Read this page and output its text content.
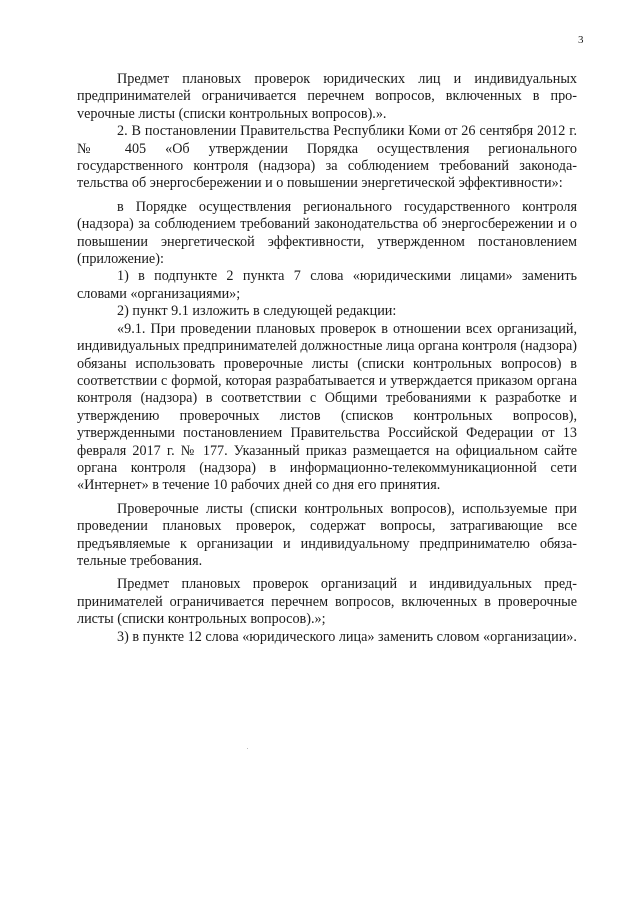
3

Предмет плановых проверок юридических лиц и индивидуальных предпринимателей ограничивается перечнем вопросов, включенных в проvерочные листы (списки контрольных вопросов).».

2. В постановлении Правительства Республики Коми от 26 сентября 2012 г. № 405 «Об утверждении Порядка осуществления регионального государственного контроля (надзора) за соблюдением требований законодательства об энергосбережении и о повышении энергетической эффективности»:

в Порядке осуществления регионального государственного контроля (надзора) за соблюдением требований законодательства об энергосбережении и о повышении энергетической эффективности, утвержденном постановлением (приложение):

1) в подпункте 2 пункта 7 слова «юридическими лицами» заменить словами «организациями»;

2) пункт 9.1 изложить в следующей редакции:

«9.1. При проведении плановых проверок в отношении всех организаций, индивидуальных предпринимателей должностные лица органа контроля (надзора) обязаны использовать проверочные листы (списки контрольных вопросов) в соответствии с формой, которая разрабатывается и утверждается приказом органа контроля (надзора) в соответствии с Общими требованиями к разработке и утверждению проверочных листов (списков контрольных вопросов), утвержденными постановлением Правительства Российской Федерации от 13 февраля 2017 г. № 177. Указанный приказ размещается на официальном сайте органа контроля (надзора) в информационно-телекоммуникационной сети «Интернет» в течение 10 рабочих дней со дня его принятия.

Проверочные листы (списки контрольных вопросов), используемые при проведении плановых проверок, содержат вопросы, затрагивающие все предъявляемые к организации и индивидуальному предпринимателю обязательные требования.

Предмет плановых проверок организаций и индивидуальных предпринимателей ограничивается перечнем вопросов, включенных в проверочные листы (списки контрольных вопросов).»;

3) в пункте 12 слова «юридического лица» заменить словом «организации».
